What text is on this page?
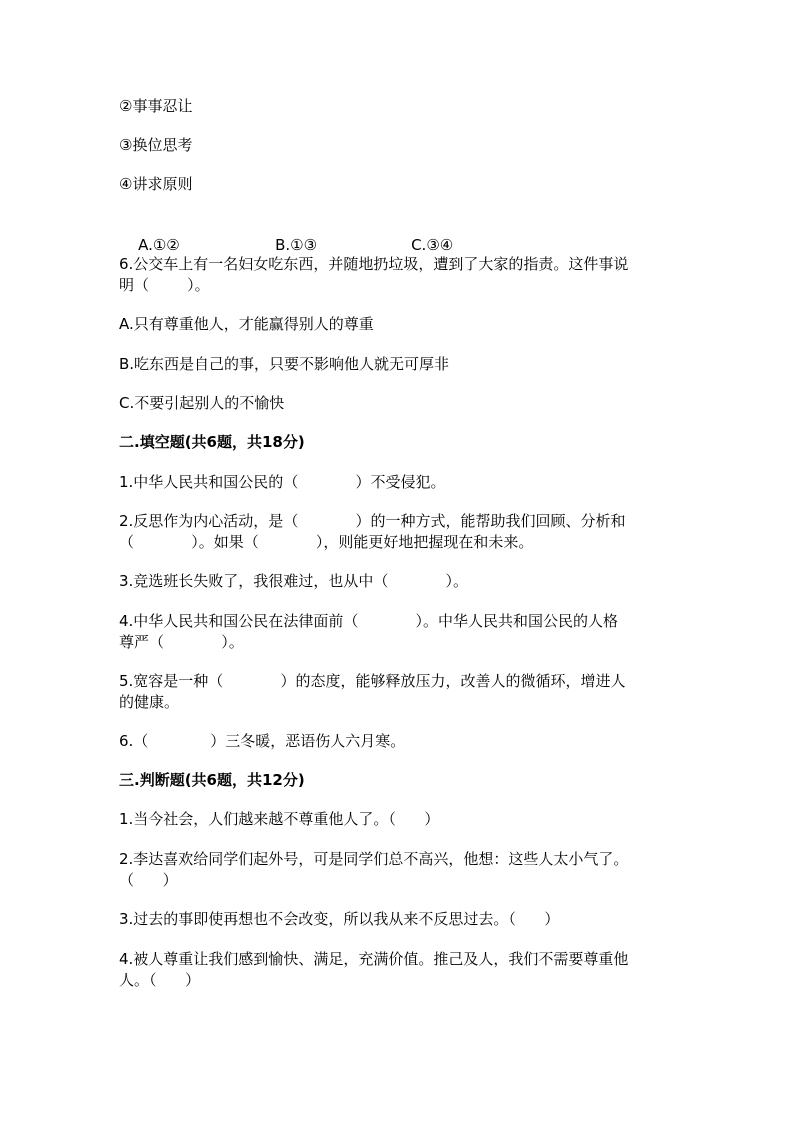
②事事忍让
③换位思考
④讲求原则

A.①②	B.①③	C.③④

6.公交车上有一名妇女吃东西，并随地扔垃圾，遭到了大家的指责。这件事说
明（        ）。
A.只有尊重他人，才能赢得别人的尊重
B.吃东西是自己的事，只要不影响他人就无可厚非
C.不要引起别人的不愉快
二.填空题(共6题，共18分)
1.中华人民共和国公民的（            ）不受侵犯。
2.反思作为内心活动，是（            ）的一种方式，能帮助我们回顾、分析和
（            ）。如果（            ），则能更好地把握现在和未来。
3.竞选班长失败了，我很难过，也从中（            ）。
4.中华人民共和国公民在法律面前（            ）。中华人民共和国公民的人格
尊严（            ）。
5.宽容是一种（            ）的态度，能够释放压力，改善人的微循环，增进人
的健康。
6.（             ）三冬暖，恶语伤人六月寒。
三.判断题(共6题，共12分)
1.当今社会，人们越来越不尊重他人了。（      ）
2.李达喜欢给同学们起外号，可是同学们总不高兴，他想：这些人太小气了。
（      ）
3.过去的事即使再想也不会改变，所以我从来不反思过去。（      ）
4.被人尊重让我们感到愉快、满足，充满价值。推己及人，我们不需要尊重他
人。（      ）
